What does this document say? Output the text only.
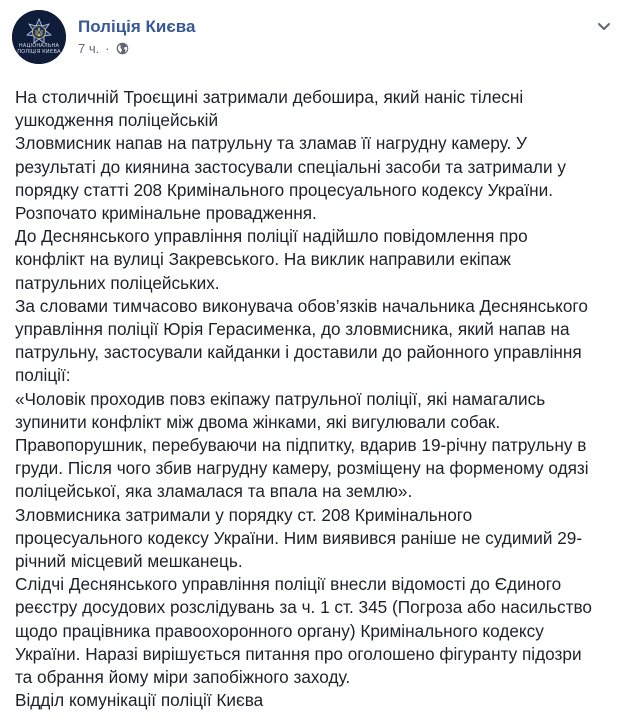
НАЦІОНАЛЬНА ПОЛІЦІЯ КИЄВА
Поліція Києва
7 ч. ·
На столичній Троєщині затримали дебошира, який наніс тілесні ушкодження поліцейській
Зловмисник напав на патрульну та зламав її нагрудну камеру. У результаті до киянина застосували спеціальні засоби та затримали у порядку статті 208 Кримінального процесуального кодексу України. Розпочато кримінальне провадження.
До Деснянського управління поліції надійшло повідомлення про конфлікт на вулиці Закревського. На виклик направили екіпаж патрульних поліцейських.
За словами тимчасово виконувача обов’язків начальника Деснянського управління поліції Юрія Герасименка, до зловмисника, який напав на патрульну, застосували кайданки і доставили до районного управління поліції:
«Чоловік проходив повз екіпажу патрульної поліції, які намагались зупинити конфлікт між двома жінками, які вигулювали собак. Правопорушник, перебуваючи на підпитку, вдарив 19-річну патрульну в груди. Після чого збив нагрудну камеру, розміщену на форменому одязі поліцейської, яка зламалася та впала на землю».
Зловмисника затримали у порядку ст. 208 Кримінального процесуального кодексу України. Ним виявився раніше не судимий 29-річний місцевий мешканець.
Слідчі Деснянського управління поліції внесли відомості до Єдиного реєстру досудових розслідувань за ч. 1 ст. 345 (Погроза або насильство щодо працівника правоохоронного органу) Кримінального кодексу України. Наразі вирішується питання про оголошено фігуранту підозри та обрання йому міри запобіжного заходу.
Відділ комунікації поліції Києва
